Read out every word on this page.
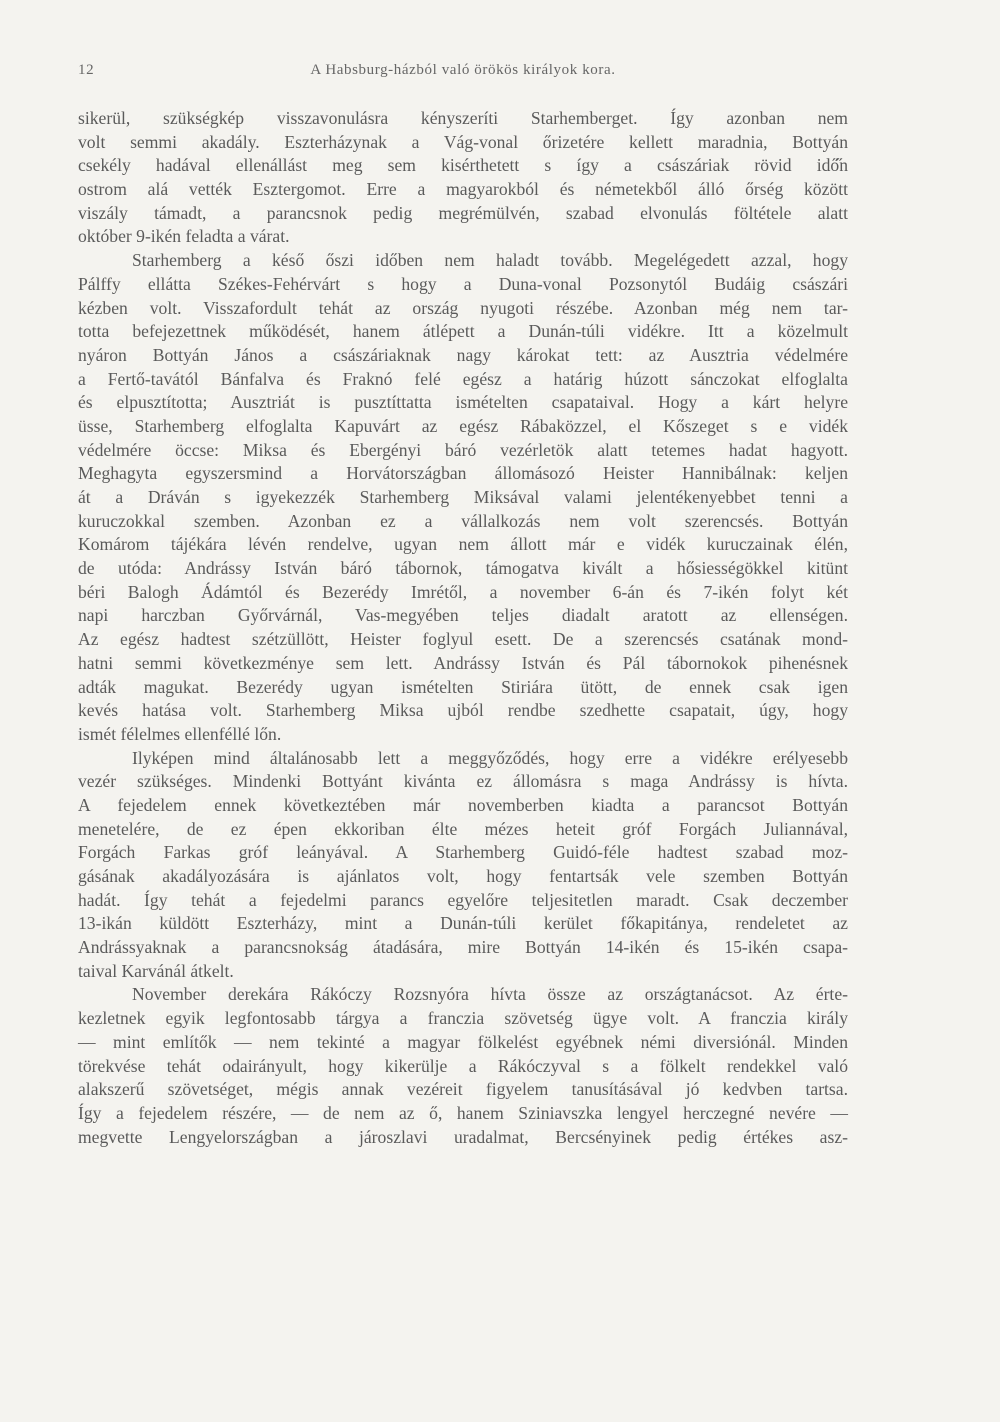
12	A Habsburg-házból való örökös királyok kora.
sikerül, szükségkép visszavonulásra kényszeríti Starhemberget. Így azonban nem
volt semmi akadály. Eszterházynak a Vág-vonal őrizetére kellett maradnia, Bottyán
csekély hadával ellenállást meg sem kisérthetett s így a császáriak rövid idő̋n
ostrom alá vették Esztergomot. Erre a magyarokból és németekből álló őrség között
viszály támadt, a parancsnok pedig megrémülvén, szabad elvonulás föltétele alatt
október 9-ikén feladta a várat.
Starhemberg a késő őszi időben nem haladt tovább. Megelégedett azzal, hogy
Pálffy ellátta Székes-Fehérvárt s hogy a Duna-vonal Pozsonytól Budáig császári
kézben volt. Visszafordult tehát az ország nyugoti részébe. Azonban még nem tar-
totta befejezettnek működését, hanem átlépett a Dunán-túli vidékre. Itt a közelmult
nyáron Bottyán János a császáriaknak nagy károkat tett: az Ausztria védelmére
a Fertő-tavától Bánfalva és Fraknó felé egész a határig húzott sánczokat elfoglalta
és elpusztította; Ausztriát is pusztíttatta ismételten csapataival. Hogy a kárt helyre
üsse, Starhemberg elfoglalta Kapuvárt az egész Rábaközzel, el Kőszeget s e vidék
védelmére öccse: Miksa és Ebergényi báró vezérletök alatt tetemes hadat hagyott.
Meghagyta egyszersmind a Horvátországban állomásozó Heister Hannibálnak: keljen
át a Dráván s igyekezzék Starhemberg Miksával valami jelentékenyebbet tenni a
kuruczokkal szemben. Azonban ez a vállalkozás nem volt szerencsés. Bottyán
Komárom tájékára lévén rendelve, ugyan nem állott már e vidék kuruczainak élén,
de utóda: Andrássy István báró tábornok, támogatva kivált a hősiességökkel kitünt
béri Balogh Ádámtól és Bezerédy Imrétől, a november 6-án és 7-ikén folyt két
napi harczban Győrvárnál, Vas-megyében teljes diadalt aratott az ellenségen.
Az egész hadtest szétzüllött, Heister foglyul esett. De a szerencsés csatának mond-
hatni semmi következménye sem lett. Andrássy István és Pál tábornokok pihenésnek
adták magukat. Bezerédy ugyan ismételten Stiriára ütött, de ennek csak igen
kevés hatása volt. Starhemberg Miksa ujból rendbe szedhette csapatait, úgy, hogy
ismét félelmes ellenféllé lőn.
Ilyképen mind általánosabb lett a meggyőződés, hogy erre a vidékre erélyesebb
vezér szükséges. Mindenki Bottyánt kivánta ez állomásra s maga Andrássy is hívta.
A fejedelem ennek következtében már novemberben kiadta a parancsot Bottyán
menetelére, de ez épen ekkoriban élte mézes heteit gróf Forgách Juliannával,
Forgách Farkas gróf leányával. A Starhemberg Guidó-féle hadtest szabad moz-
gásának akadályozására is ajánlatos volt, hogy fentartsák vele szemben Bottyán
hadát. Így tehát a fejedelmi parancs egyelőre teljesitetlen maradt. Csak deczember
13-ikán küldött Eszterházy, mint a Dunán-túli kerület főkapitánya, rendeletet az
Andrássyaknak a parancsnokság átadására, mire Bottyán 14-ikén és 15-ikén csapa-
taival Karvánál átkelt.
November derekára Rákóczy Rozsnyóra hívta össze az országtanácsot. Az érte-
kezletnek egyik legfontosabb tárgya a franczia szövetség ügye volt. A franczia király
— mint említők — nem tekinté a magyar fölkelést egyébnek némi diversiónál. Minden
törekvése tehát odairányult, hogy kikerülje a Rákóczyval s a fölkelt rendekkel való
alakszerű szövetséget, mégis annak vezéreit figyelem tanusításával jó kedvben tartsa.
Így a fejedelem részére, — de nem az ő, hanem Sziniavszka lengyel herczegné nevére —
megvette Lengyelországban a jároszlavi uradalmat, Bercsényinek pedig értékes asz-
